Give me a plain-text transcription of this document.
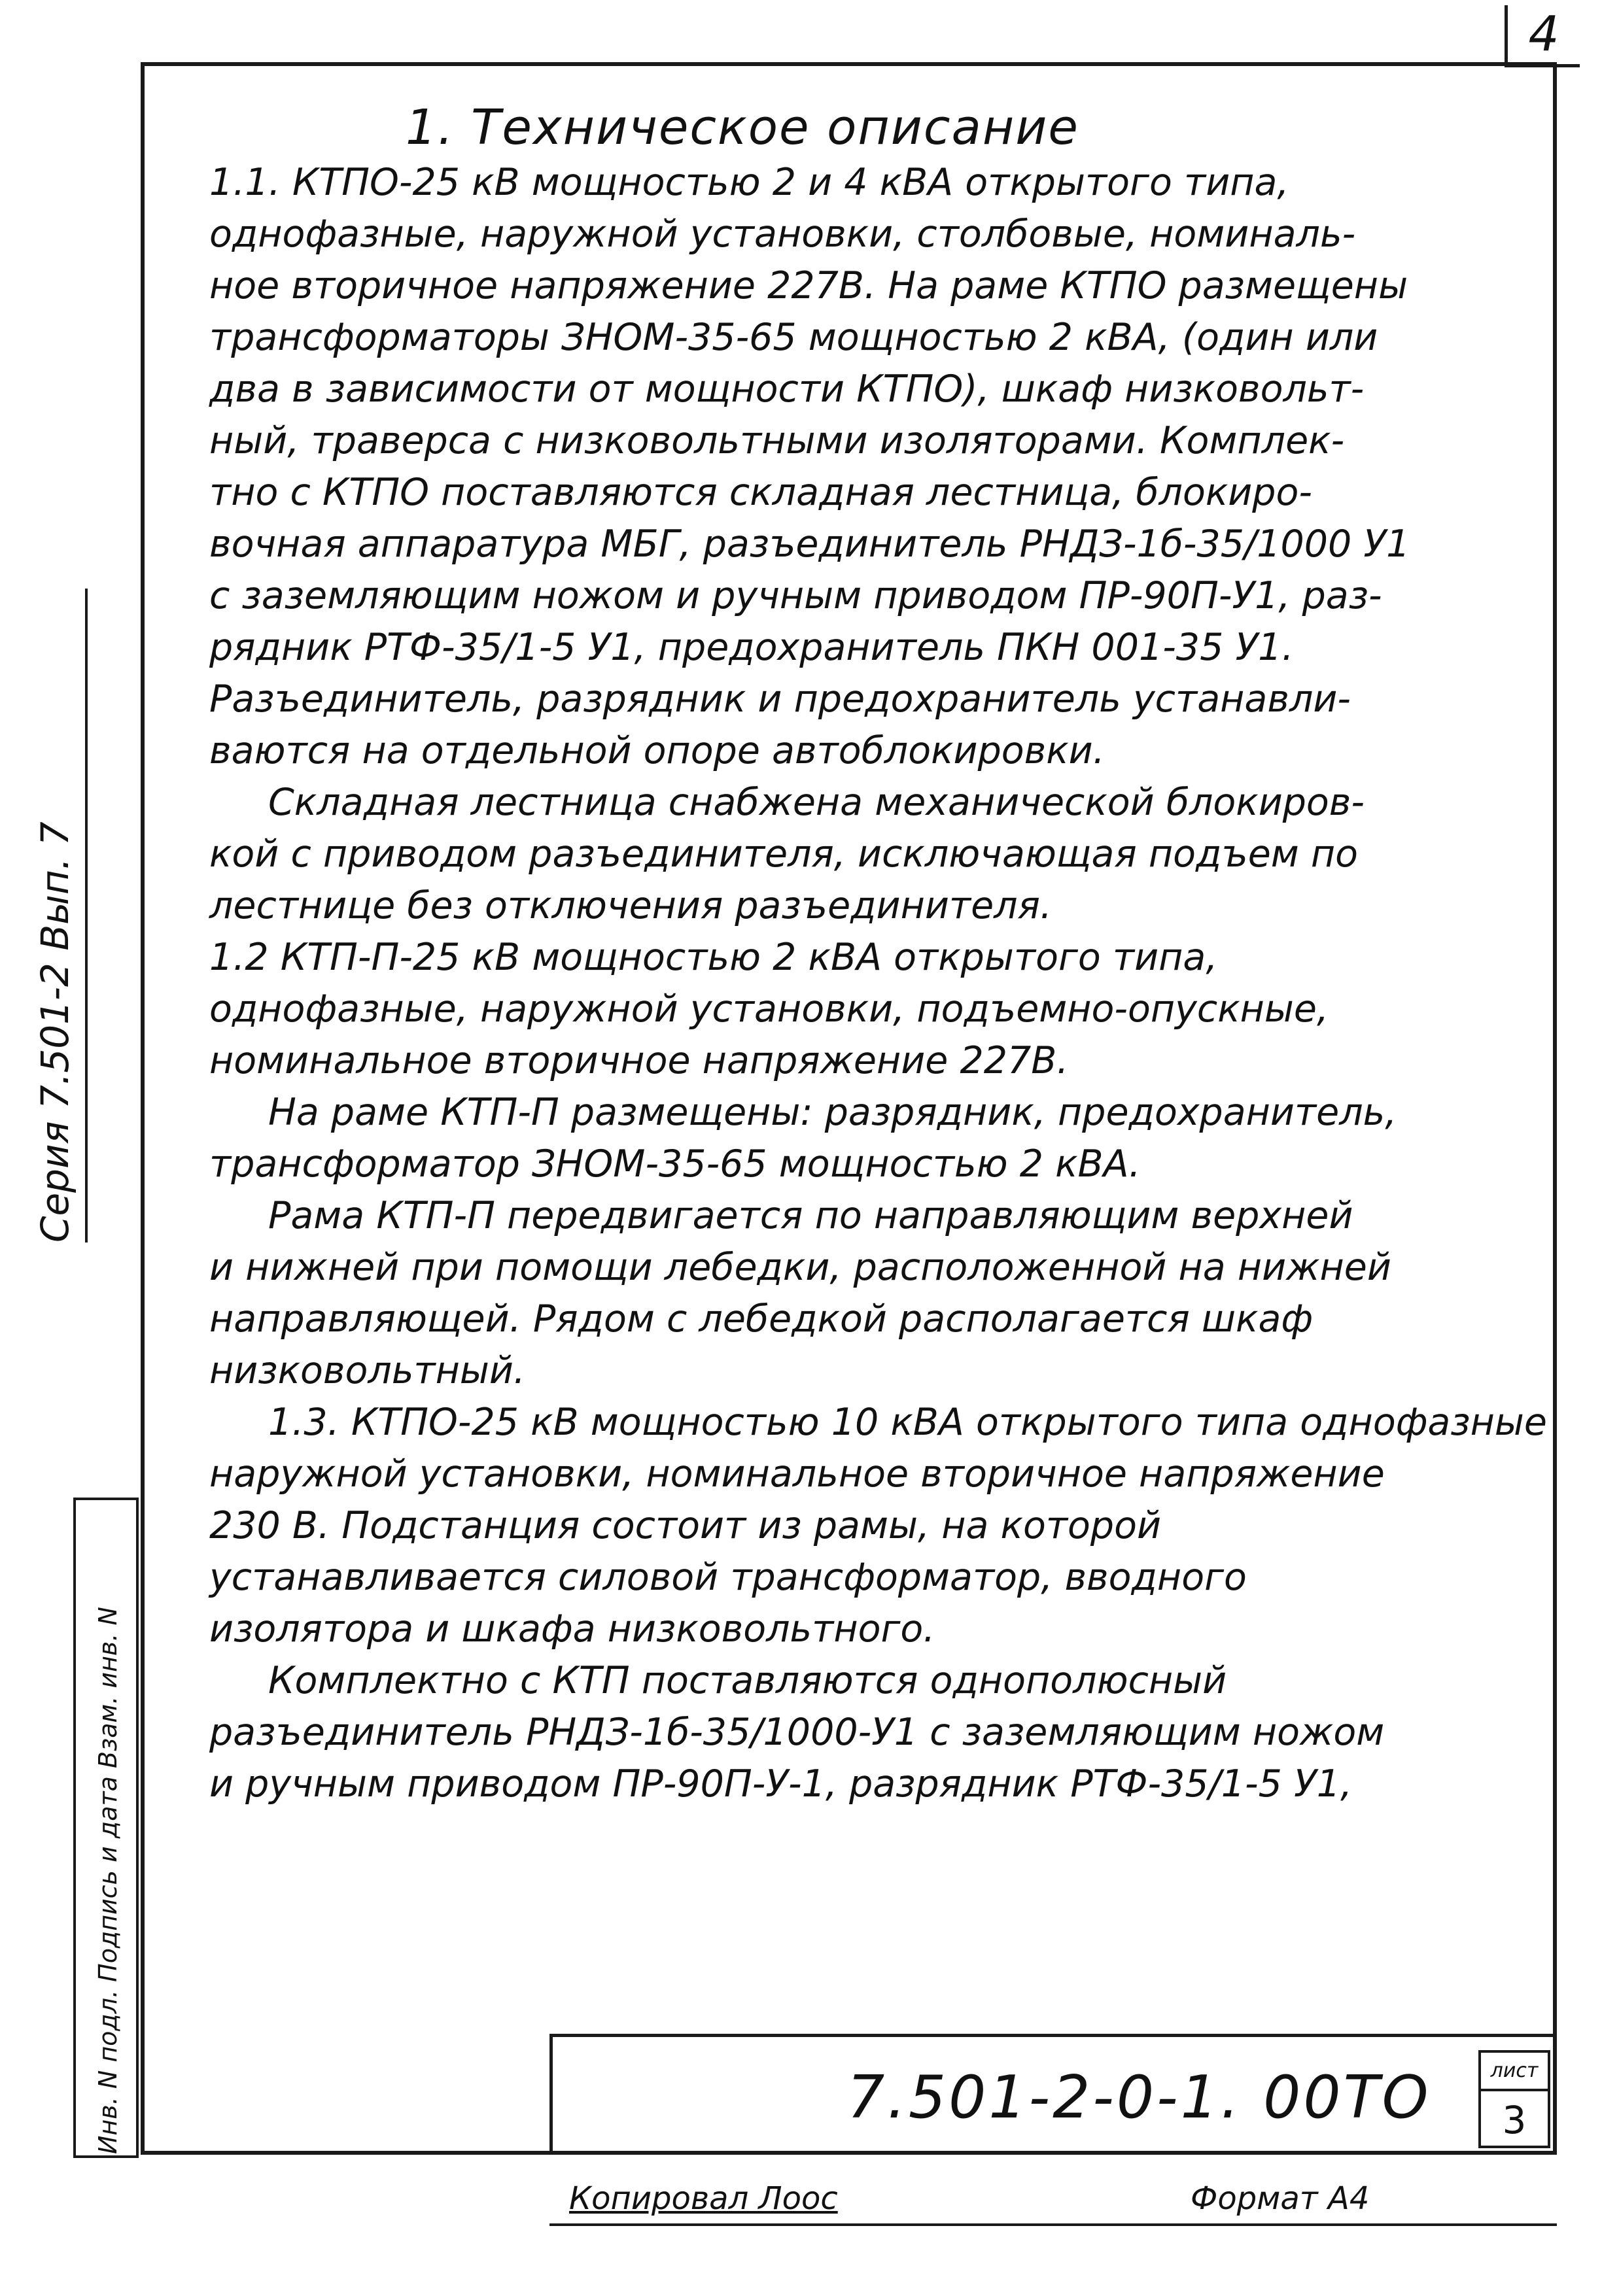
4
1. Техническое описание
1.1. КТПО-25 кВ мощностью 2 и 4 кВА открытого типа,
однофазные, наружной установки, столбовые, номиналь-
ное вторичное напряжение 227В. На раме КТПО размещены
трансформаторы ЗНОМ-35-65 мощностью 2 кВА, (один или
два в зависимости от мощности КТПО), шкаф низковольт-
ный, траверса с низковольтными изоляторами. Комплек-
тно с КТПО поставляются складная лестница, блокиро-
вочная аппаратура МБГ, разъединитель РНДЗ-1б-35/1000 У1
с заземляющим ножом и ручным приводом ПР-90П-У1, раз-
рядник РТФ-35/1-5 У1, предохранитель ПКН 001-35 У1.
Разъединитель, разрядник и предохранитель устанавли-
ваются на отдельной опоре автоблокировки.
Складная лестница снабжена механической блокиров-
кой с приводом разъединителя, исключающая подъем по
лестнице без отключения разъединителя.
1.2 КТП-П-25 кВ мощностью 2 кВА открытого типа,
однофазные, наружной установки, подъемно-опускные,
номинальное вторичное напряжение 227В.
На раме КТП-П размещены: разрядник, предохранитель,
трансформатор ЗНОМ-35-65 мощностью 2 кВА.
Рама КТП-П передвигается по направляющим верхней
и нижней при помощи лебедки, расположенной на нижней
направляющей. Рядом с лебедкой располагается шкаф
низковольтный.
1.3. КТПО-25 кВ мощностью 10 кВА открытого типа однофазные
наружной установки, номинальное вторичное напряжение
230 В. Подстанция состоит из рамы, на которой
устанавливается силовой трансформатор, вводного
изолятора и шкафа низковольтного.
Комплектно с КТП поставляются однополюсный
разъединитель РНДЗ-1б-35/1000-У1 с заземляющим ножом
и ручным приводом ПР-90П-У-1, разрядник РТФ-35/1-5 У1,
Серия 7.501-2 Вып. 7
Инв. N подл. Подпись и дата Взам. инв. N	7.501-2-0-1. 00ТО	лист
3
Копировал Лоос	Формат А4
